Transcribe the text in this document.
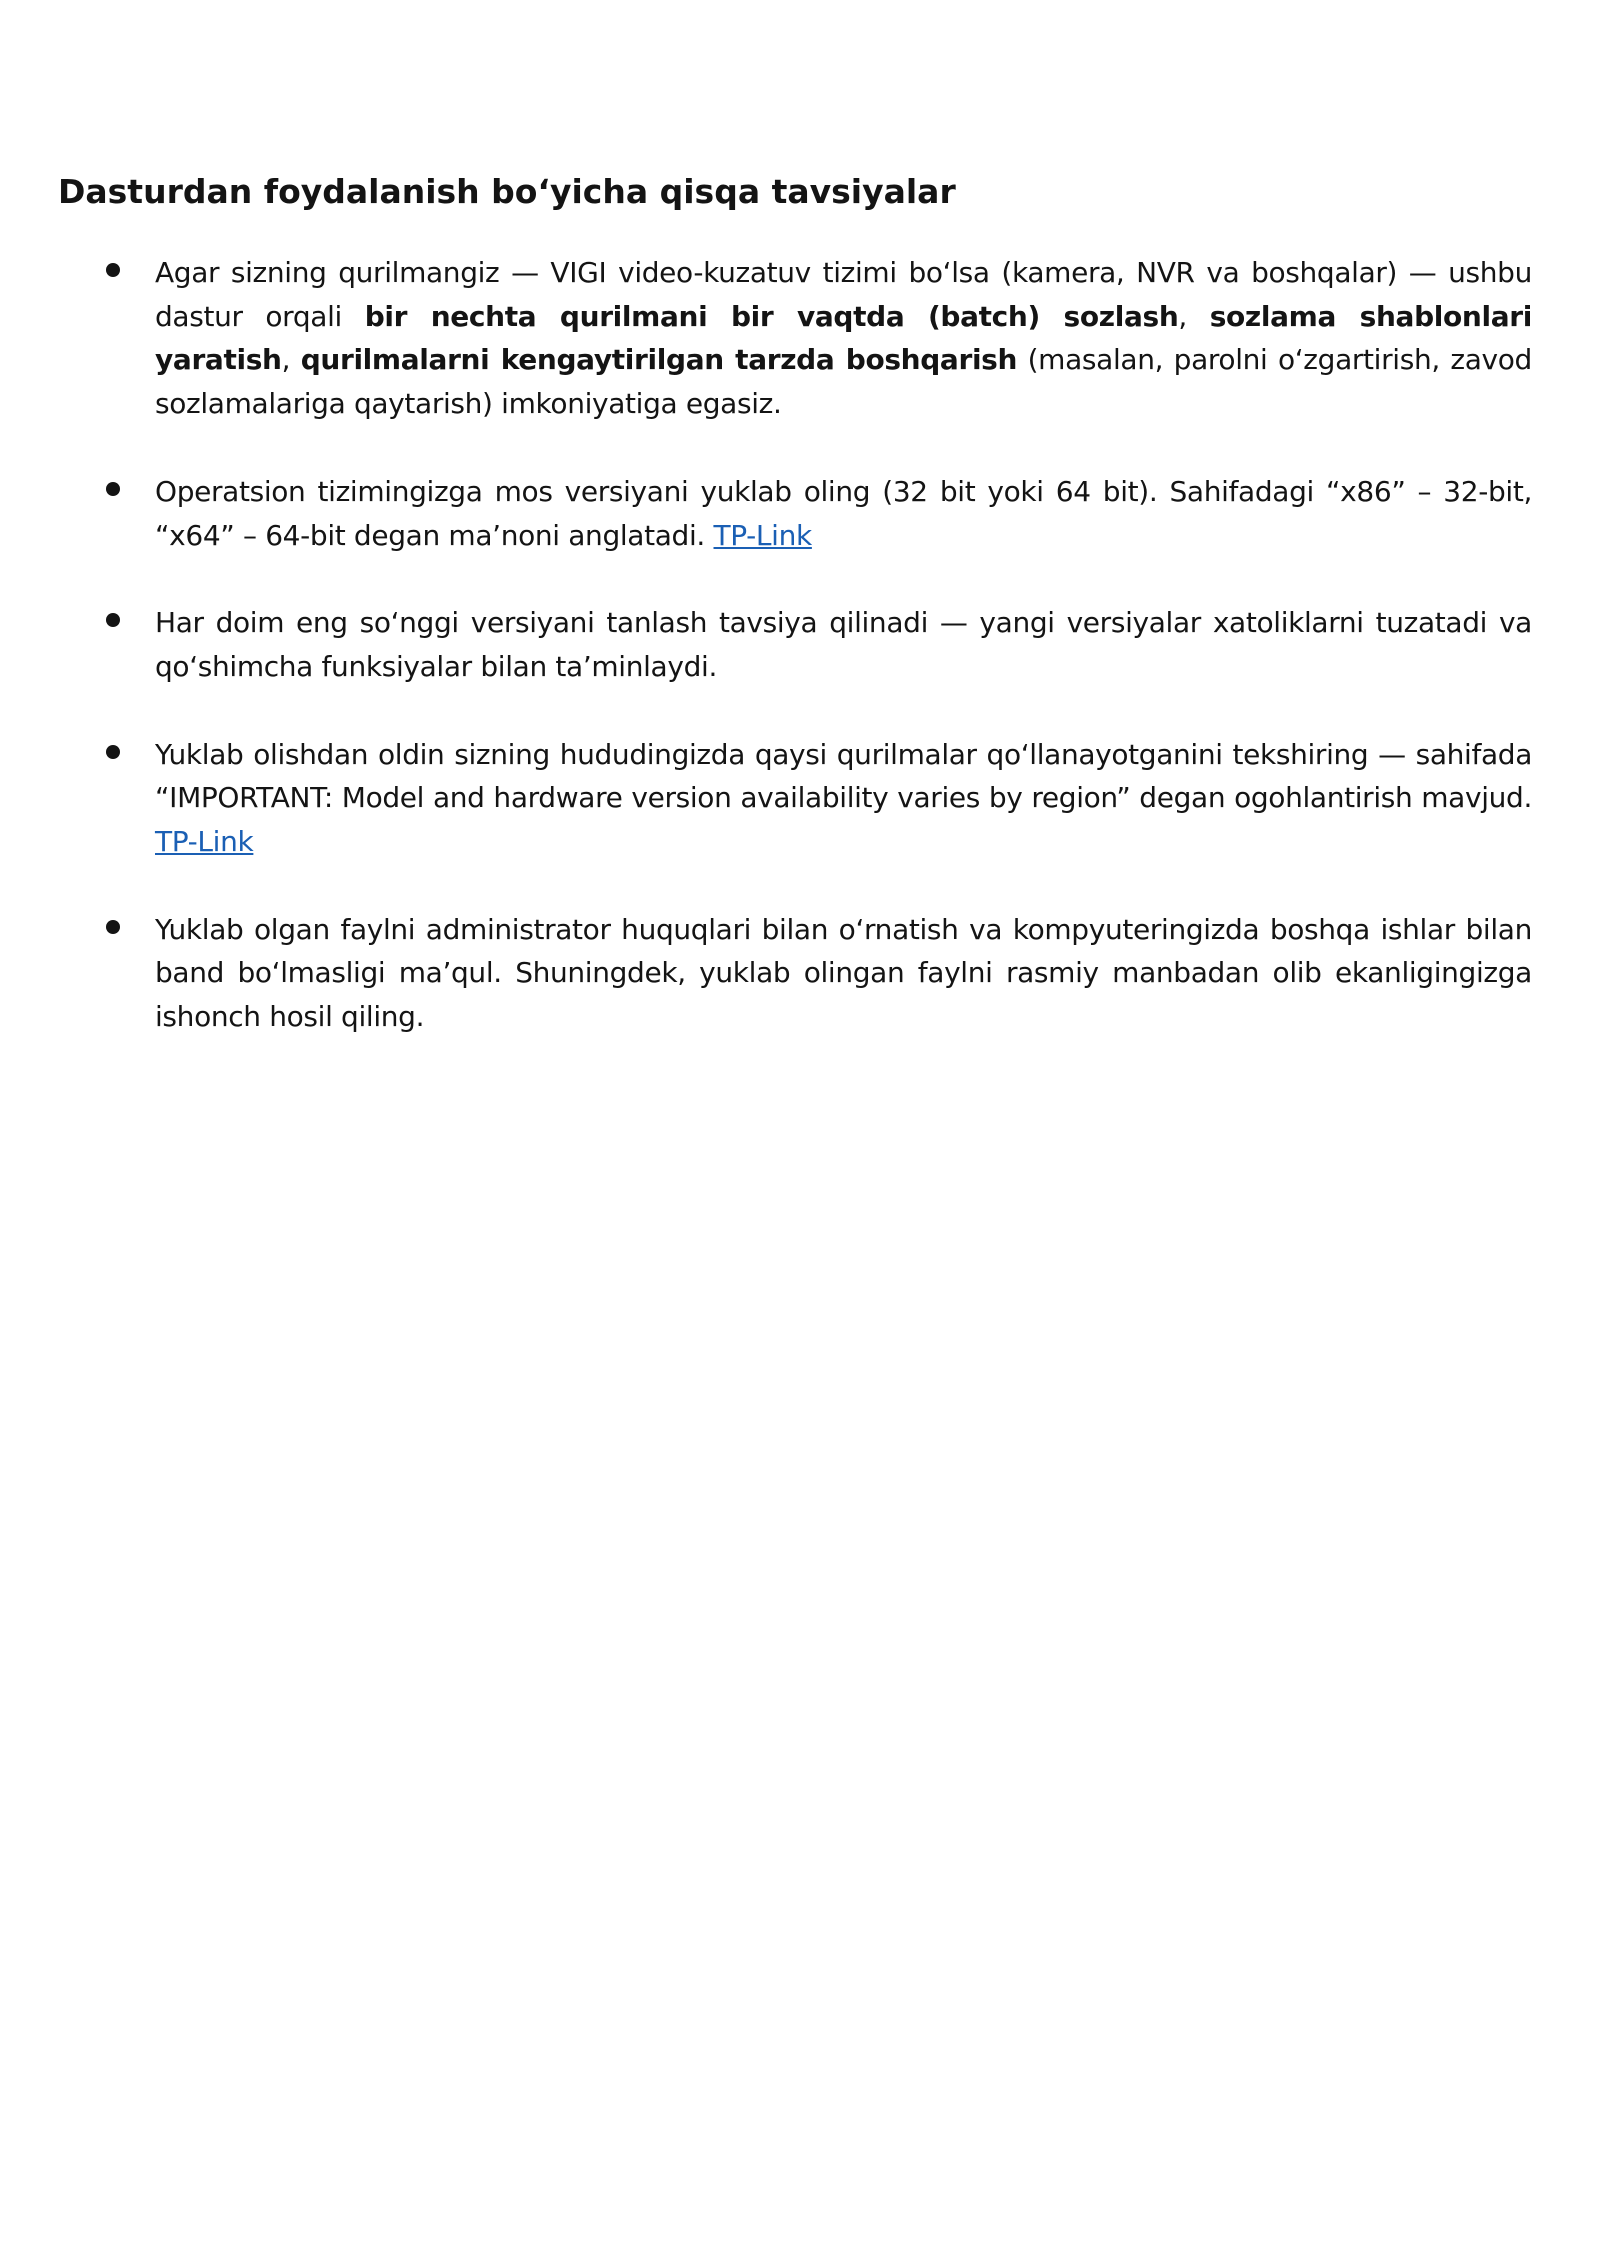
Dasturdan foydalanish bo‘yicha qisqa tavsiyalar
Agar sizning qurilmangiz — VIGI video-kuzatuv tizimi bo‘lsa (kamera, NVR va boshqalar) — ushbu dastur orqali bir nechta qurilmani bir vaqtda (batch) sozlash, sozlama shablonlari yaratish, qurilmalarni kengaytirilgan tarzda boshqarish (masalan, parolni o‘zgartirish, zavod sozlamalariga qaytarish) imkoniyatiga egasiz.
Operatsion tizimingizga mos versiyani yuklab oling (32 bit yoki 64 bit). Sahifadagi “x86” – 32-bit, “x64” – 64-bit degan ma’noni anglatadi. TP-Link
Har doim eng so‘nggi versiyani tanlash tavsiya qilinadi — yangi versiyalar xatoliklarni tuzatadi va qo‘shimcha funksiyalar bilan ta’minlaydi.
Yuklab olishdan oldin sizning hududingizda qaysi qurilmalar qo‘llanayotganini tekshiring — sahifada “IMPORTANT: Model and hardware version availability varies by region” degan ogohlantirish mavjud. TP-Link
Yuklab olgan faylni administrator huquqlari bilan o‘rnatish va kompyuteringizda boshqa ishlar bilan band bo‘lmasligi ma’qul. Shuningdek, yuklab olingan faylni rasmiy manbadan olib ekanligingizga ishonch hosil qiling.
